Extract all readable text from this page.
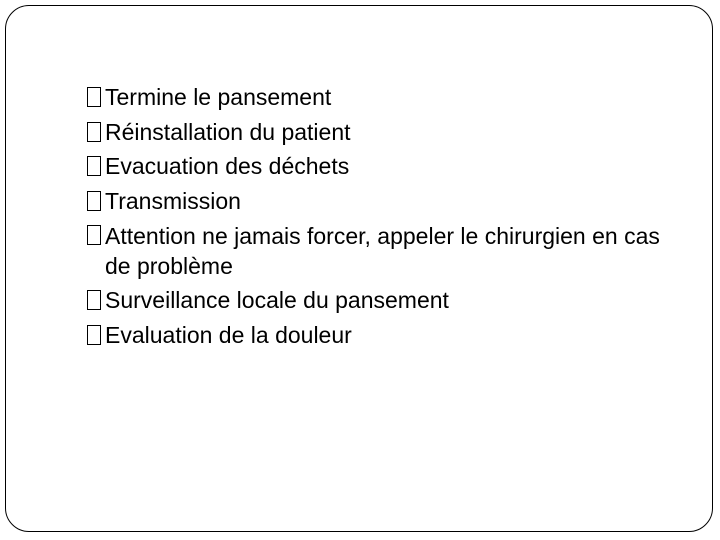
Termine le pansement
Réinstallation du patient
Evacuation des déchets
Transmission
Attention ne jamais forcer, appeler le chirurgien en cas de problème
Surveillance locale du pansement
Evaluation de la douleur
